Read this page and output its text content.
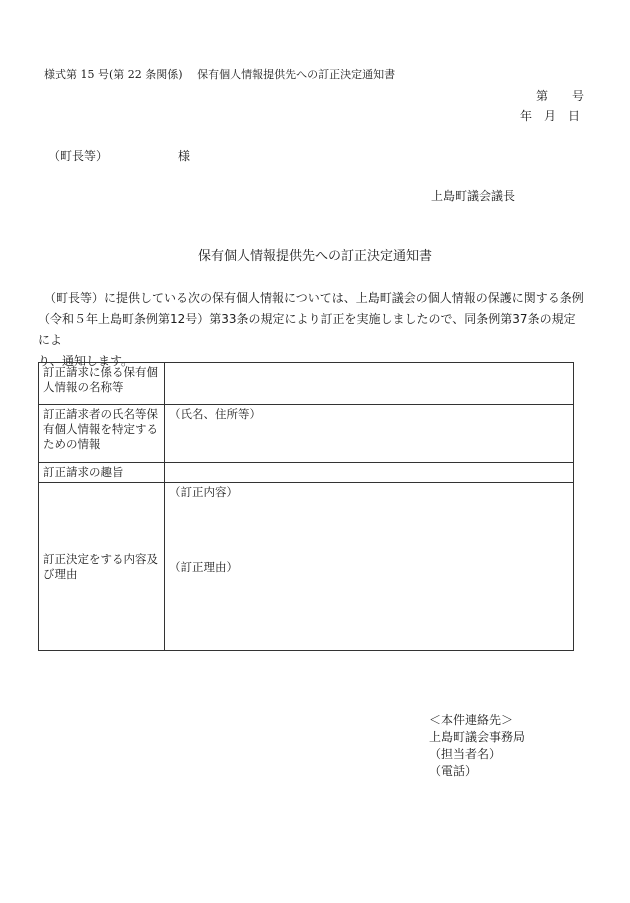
様式第 15 号(第 22 条関係)　 保有個人情報提供先への訂正決定通知書
第　　号
年　月　日
（町長等）	様
上島町議会議長
保有個人情報提供先への訂正決定通知書

　（町長等）に提供している次の保有個人情報については、上島町議会の個人情報の保護に関する条例

（令和５年上島町条例第12号）第33条の規定により訂正を実施しましたので、同条例第37条の規定によ

り、通知します。

訂正請求に係る保有個人情報の名称等	
訂正請求者の氏名等保有個人情報を特定するための情報	（氏名、住所等）
訂正請求の趣旨	
訂正決定をする内容及び理由	（訂正内容）
（訂正理由）
＜本件連絡先＞
上島町議会事務局
（担当者名）
（電話）
